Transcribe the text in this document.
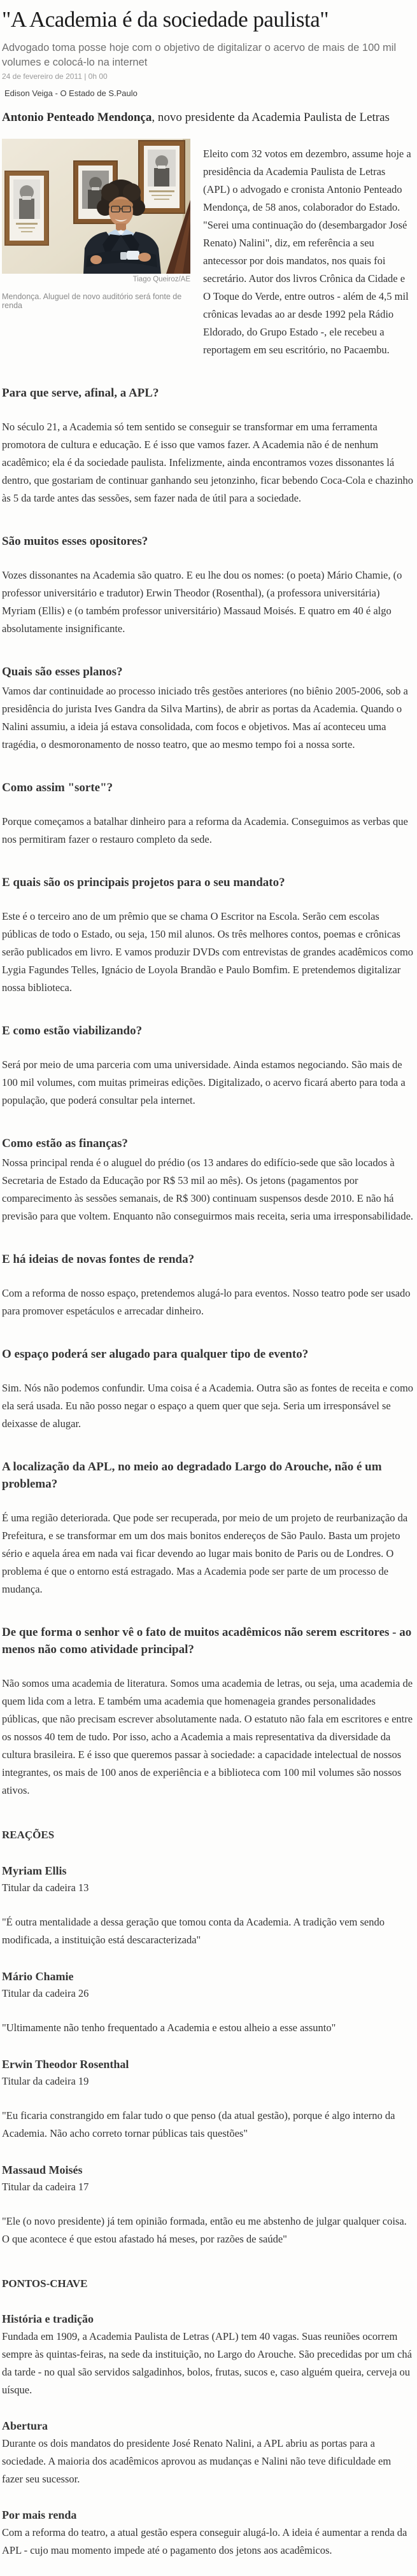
"A Academia é da sociedade paulista"

Advogado toma posse hoje com o objetivo de digitalizar o acervo de mais de 100 mil volumes e colocá-lo na internet

24 de fevereiro de 2011 | 0h 00

Edison Veiga - O Estado de S.Paulo

Antonio Penteado Mendonça, novo presidente da Academia Paulista de Letras

Tiago Queiroz/AE
Mendonça. Aluguel de novo auditório será fonte de renda

Eleito com 32 votos em dezembro, assume hoje a presidência da Academia Paulista de Letras (APL) o advogado e cronista Antonio Penteado Mendonça, de 58 anos, colaborador do Estado. "Serei uma continuação do (desembargador José Renato) Nalini", diz, em referência a seu antecessor por dois mandatos, nos quais foi secretário. Autor dos livros Crônica da Cidade e O Toque do Verde, entre outros - além de 4,5 mil crônicas levadas ao ar desde 1992 pela Rádio Eldorado, do Grupo Estado -, ele recebeu a reportagem em seu escritório, no Pacaembu.

Para que serve, afinal, a APL?

No século 21, a Academia só tem sentido se conseguir se transformar em uma ferramenta promotora de cultura e educação. E é isso que vamos fazer. A Academia não é de nenhum acadêmico; ela é da sociedade paulista. Infelizmente, ainda encontramos vozes dissonantes lá dentro, que gostariam de continuar ganhando seu jetonzinho, ficar bebendo Coca-Cola e chazinho às 5 da tarde antes das sessões, sem fazer nada de útil para a sociedade.

São muitos esses opositores?

Vozes dissonantes na Academia são quatro. E eu lhe dou os nomes: (o poeta) Mário Chamie, (o professor universitário e tradutor) Erwin Theodor (Rosenthal), (a professora universitária) Myriam (Ellis) e (o também professor universitário) Massaud Moisés. E quatro em 40 é algo absolutamente insignificante.

Quais são esses planos?

Vamos dar continuidade ao processo iniciado três gestões anteriores (no biênio 2005-2006, sob a presidência do jurista Ives Gandra da Silva Martins), de abrir as portas da Academia. Quando o Nalini assumiu, a ideia já estava consolidada, com focos e objetivos. Mas aí aconteceu uma tragédia, o desmoronamento de nosso teatro, que ao mesmo tempo foi a nossa sorte.

Como assim "sorte"?

Porque começamos a batalhar dinheiro para a reforma da Academia. Conseguimos as verbas que nos permitiram fazer o restauro completo da sede.

E quais são os principais projetos para o seu mandato?

Este é o terceiro ano de um prêmio que se chama O Escritor na Escola. Serão cem escolas públicas de todo o Estado, ou seja, 150 mil alunos. Os três melhores contos, poemas e crônicas serão publicados em livro. E vamos produzir DVDs com entrevistas de grandes acadêmicos como Lygia Fagundes Telles, Ignácio de Loyola Brandão e Paulo Bomfim. E pretendemos digitalizar nossa biblioteca.

E como estão viabilizando?

Será por meio de uma parceria com uma universidade. Ainda estamos negociando. São mais de 100 mil volumes, com muitas primeiras edições. Digitalizado, o acervo ficará aberto para toda a população, que poderá consultar pela internet.

Como estão as finanças?

Nossa principal renda é o aluguel do prédio (os 13 andares do edifício-sede que são locados à Secretaria de Estado da Educação por R$ 53 mil ao mês). Os jetons (pagamentos por comparecimento às sessões semanais, de R$ 300) continuam suspensos desde 2010. E não há previsão para que voltem. Enquanto não conseguirmos mais receita, seria uma irresponsabilidade.

E há ideias de novas fontes de renda?

Com a reforma de nosso espaço, pretendemos alugá-lo para eventos. Nosso teatro pode ser usado para promover espetáculos e arrecadar dinheiro.

O espaço poderá ser alugado para qualquer tipo de evento?

Sim. Nós não podemos confundir. Uma coisa é a Academia. Outra são as fontes de receita e como ela será usada. Eu não posso negar o espaço a quem quer que seja. Seria um irresponsável se deixasse de alugar.

A localização da APL, no meio ao degradado Largo do Arouche, não é um problema?

É uma região deteriorada. Que pode ser recuperada, por meio de um projeto de reurbanização da Prefeitura, e se transformar em um dos mais bonitos endereços de São Paulo. Basta um projeto sério e aquela área em nada vai ficar devendo ao lugar mais bonito de Paris ou de Londres. O problema é que o entorno está estragado. Mas a Academia pode ser parte de um processo de mudança.

De que forma o senhor vê o fato de muitos acadêmicos não serem escritores - ao menos não como atividade principal?

Não somos uma academia de literatura. Somos uma academia de letras, ou seja, uma academia de quem lida com a letra. E também uma academia que homenageia grandes personalidades públicas, que não precisam escrever absolutamente nada. O estatuto não fala em escritores e entre os nossos 40 tem de tudo. Por isso, acho a Academia a mais representativa da diversidade da cultura brasileira. E é isso que queremos passar à sociedade: a capacidade intelectual de nossos integrantes, os mais de 100 anos de experiência e a biblioteca com 100 mil volumes são nossos ativos.

REAÇÕES

Myriam Ellis

Titular da cadeira 13

"É outra mentalidade a dessa geração que tomou conta da Academia. A tradição vem sendo modificada, a instituição está descaracterizada"

Mário Chamie

Titular da cadeira 26

"Ultimamente não tenho frequentado a Academia e estou alheio a esse assunto"

Erwin Theodor Rosenthal

Titular da cadeira 19

"Eu ficaria constrangido em falar tudo o que penso (da atual gestão), porque é algo interno da Academia. Não acho correto tornar públicas tais questões"

Massaud Moisés

Titular da cadeira 17

"Ele (o novo presidente) já tem opinião formada, então eu me abstenho de julgar qualquer coisa. O que acontece é que estou afastado há meses, por razões de saúde"

PONTOS-CHAVE

História e tradição

Fundada em 1909, a Academia Paulista de Letras (APL) tem 40 vagas. Suas reuniões ocorrem sempre às quintas-feiras, na sede da instituição, no Largo do Arouche. São precedidas por um chá da tarde - no qual são servidos salgadinhos, bolos, frutas, sucos e, caso alguém queira, cerveja ou uísque.

Abertura

Durante os dois mandatos do presidente José Renato Nalini, a APL abriu as portas para a sociedade. A maioria dos acadêmicos aprovou as mudanças e Nalini não teve dificuldade em fazer seu sucessor.

Por mais renda

Com a reforma do teatro, a atual gestão espera conseguir alugá-lo. A ideia é aumentar a renda da APL - cujo mau momento impede até o pagamento dos jetons aos acadêmicos.
